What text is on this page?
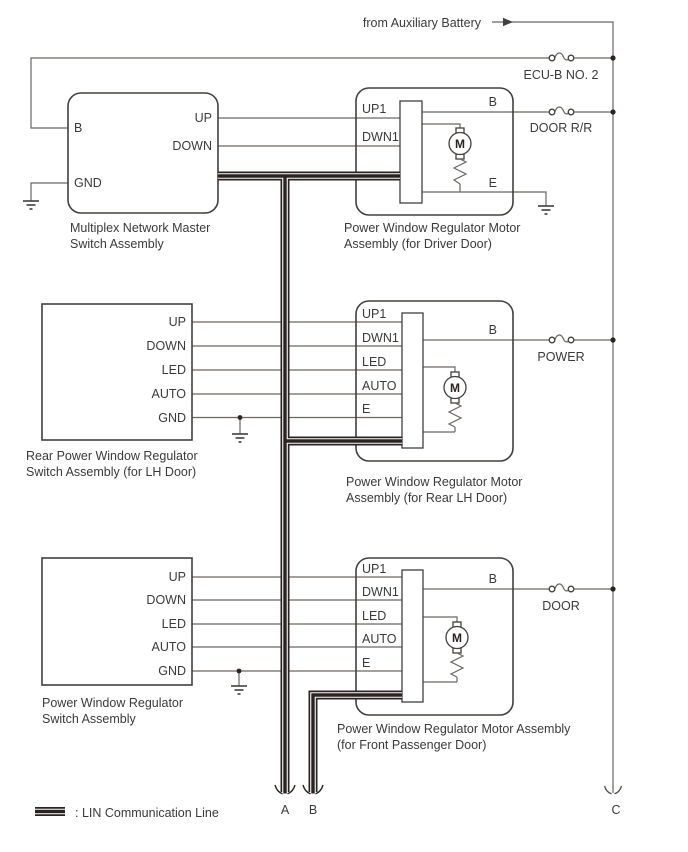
from Auxiliary Battery
ECU-B NO. 2
DOOR R/R
POWER
DOOR
B
UP
DOWN
GND
Multiplex Network Master
Switch Assembly
UP1
DWN1
B
E
M
Power Window Regulator Motor
Assembly (for Driver Door)
UP
DOWN
LED
AUTO
GND
Rear Power Window Regulator
Switch Assembly (for LH Door)
UP1
DWN1
LED
AUTO
E
B
M
Power Window Regulator Motor
Assembly (for Rear LH Door)
UP
DOWN
LED
AUTO
GND
Power Window Regulator
Switch Assembly
UP1
DWN1
LED
AUTO
E
B
M
Power Window Regulator Motor Assembly
(for Front Passenger Door)
A B	C
: LIN Communication Line
